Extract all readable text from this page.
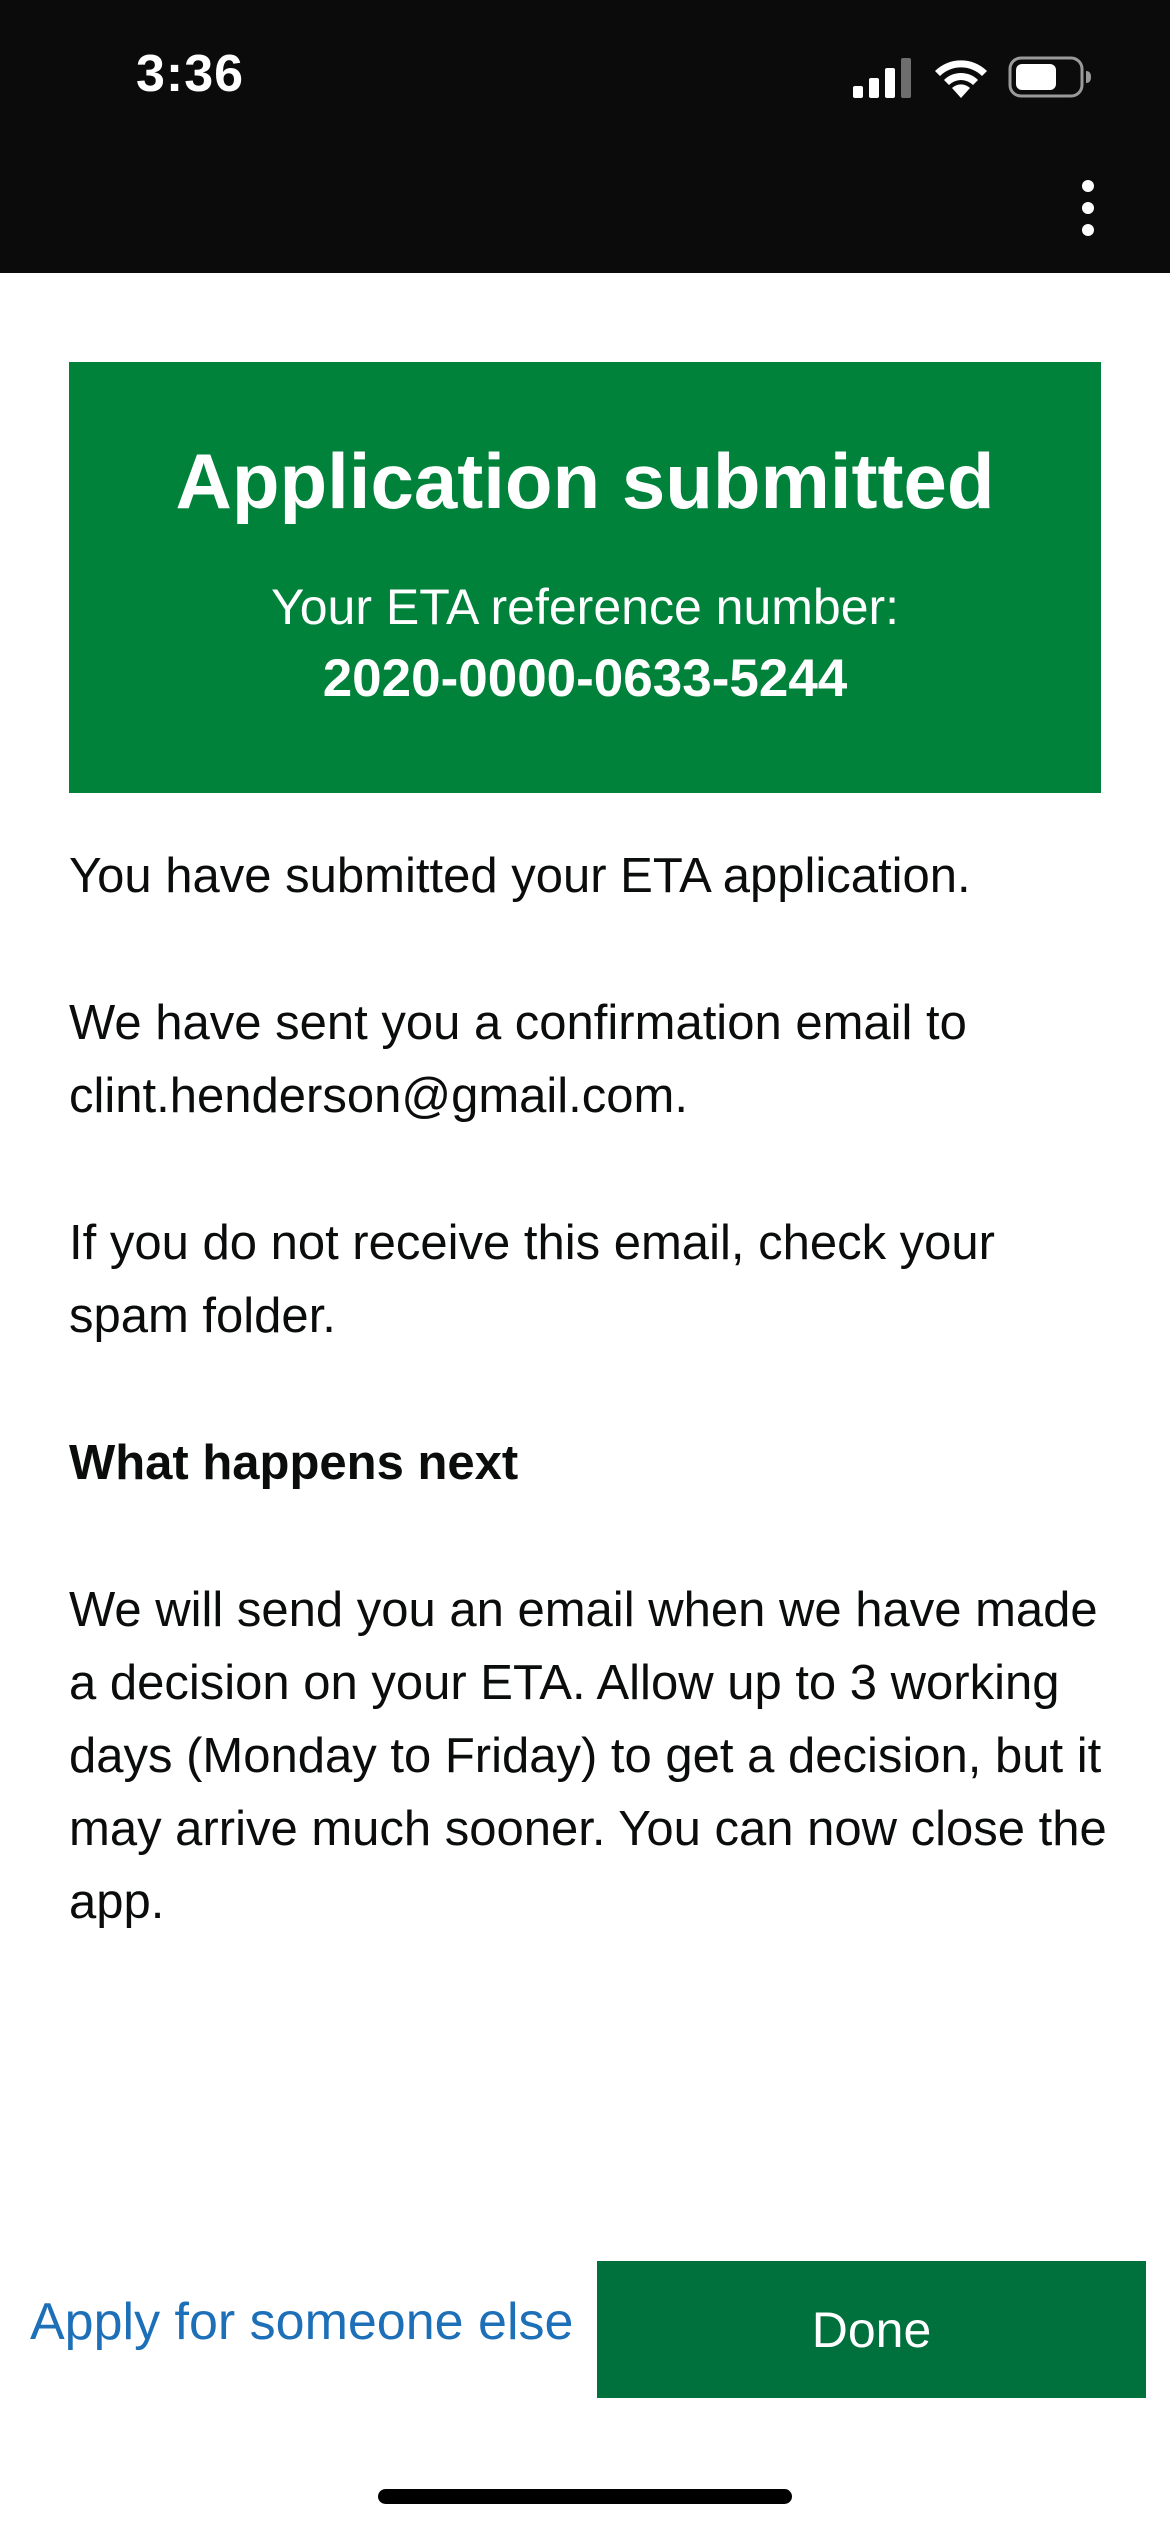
3:36
Application submitted
Your ETA reference number:
2020-0000-0633-5244

You have submitted your ETA application.

We have sent you a confirmation email to clint.henderson@gmail.com.

If you do not receive this email, check your spam folder.

What happens next

We will send you an email when we have made a decision on your ETA. Allow up to 3 working days (Monday to Friday) to get a decision, but it may arrive much sooner. You can now close the app.

Apply for someone else	Done
